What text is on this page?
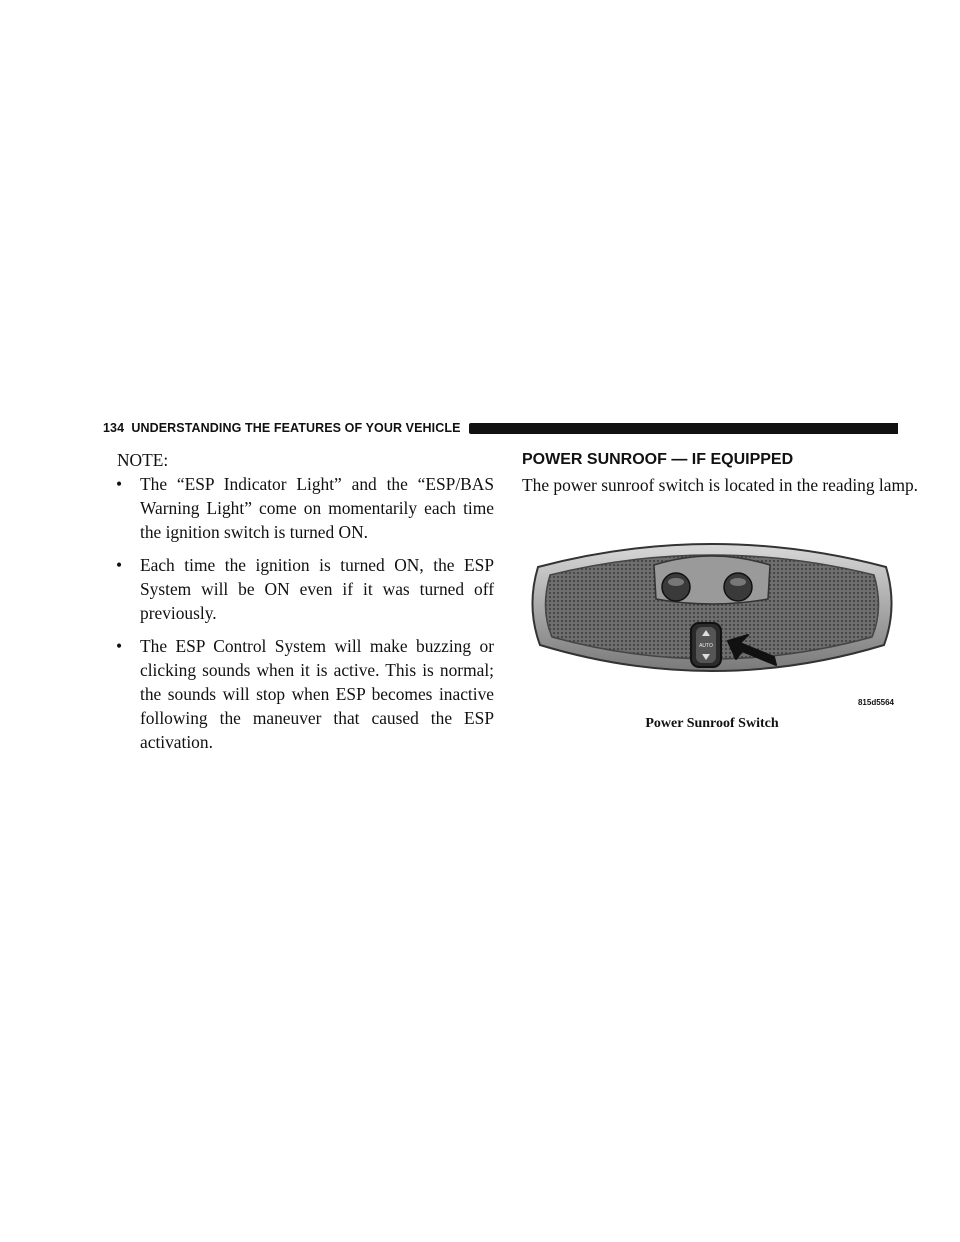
134 UNDERSTANDING THE FEATURES OF YOUR VEHICLE
NOTE:
• The “ESP Indicator Light” and the “ESP/BAS Warning Light” come on momentarily each time the ignition switch is turned ON.
• Each time the ignition is turned ON, the ESP System will be ON even if it was turned off previously.
• The ESP Control System will make buzzing or clicking sounds when it is active. This is normal; the sounds will stop when ESP becomes inactive following the maneuver that caused the ESP activation.
POWER SUNROOF — IF EQUIPPED

The power sunroof switch is located in the reading lamp.

AUTO
815d5564
Power Sunroof Switch
